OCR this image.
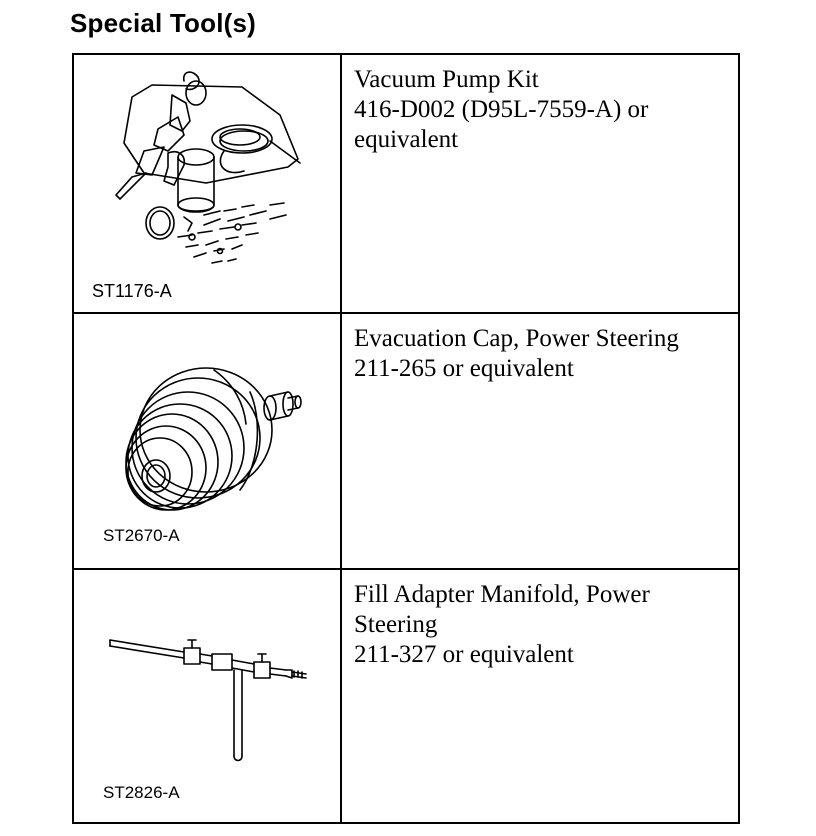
Special Tool(s)
ST1176-A
Vacuum Pump Kit
416-D002 (D95L-7559-A) or
equivalent
ST2670-A
Evacuation Cap, Power Steering
211-265 or equivalent
ST2826-A
Fill Adapter Manifold, Power
Steering
211-327 or equivalent
